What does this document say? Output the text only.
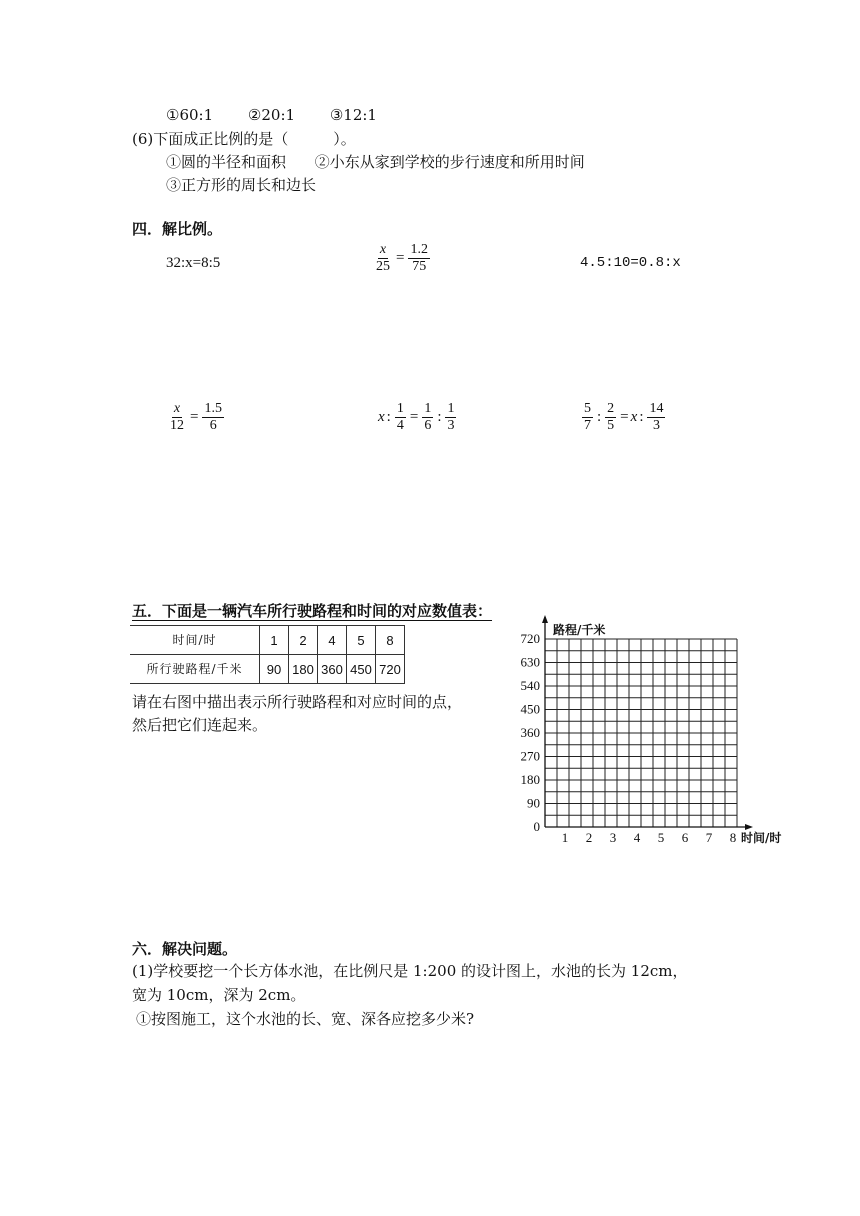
①60:1 ②20:1 ③12:1
(6)下面成正比例的是（　　　）。
①圆的半径和面积 ②小东从家到学校的步行速度和所用时间
③正方形的周长和边长
四．解比例。
32:x=8:5	$\frac{x}{25} = \frac{1.2}{75}$	4.5:10=0.8:x
$\frac{x}{12} = \frac{1.5}{6}$	x : $\frac{1}{4} = \frac{1}{6}$ : $\frac{1}{3}$	$\frac{5}{7}$ : $\frac{2}{5} = x$ : $\frac{14}{3}$
五．下面是一辆汽车所行驶路程和时间的对应数值表：
时间/时	1	2	4	5	8
所行驶路程/千米	90	180	360	450	720
请在右图中描出表示所行驶路程和对应时间的点，
然后把它们连起来。
0
90
180
270
360
450
540
630
720
1 2 3 4 5 6 7 8
路程/千米
时间/时
六．解决问题。
(1)学校要挖一个长方体水池，在比例尺是 1:200 的设计图上，水池的长为 12cm，
宽为 10cm，深为 2cm。
①按图施工，这个水池的长、宽、深各应挖多少米?
